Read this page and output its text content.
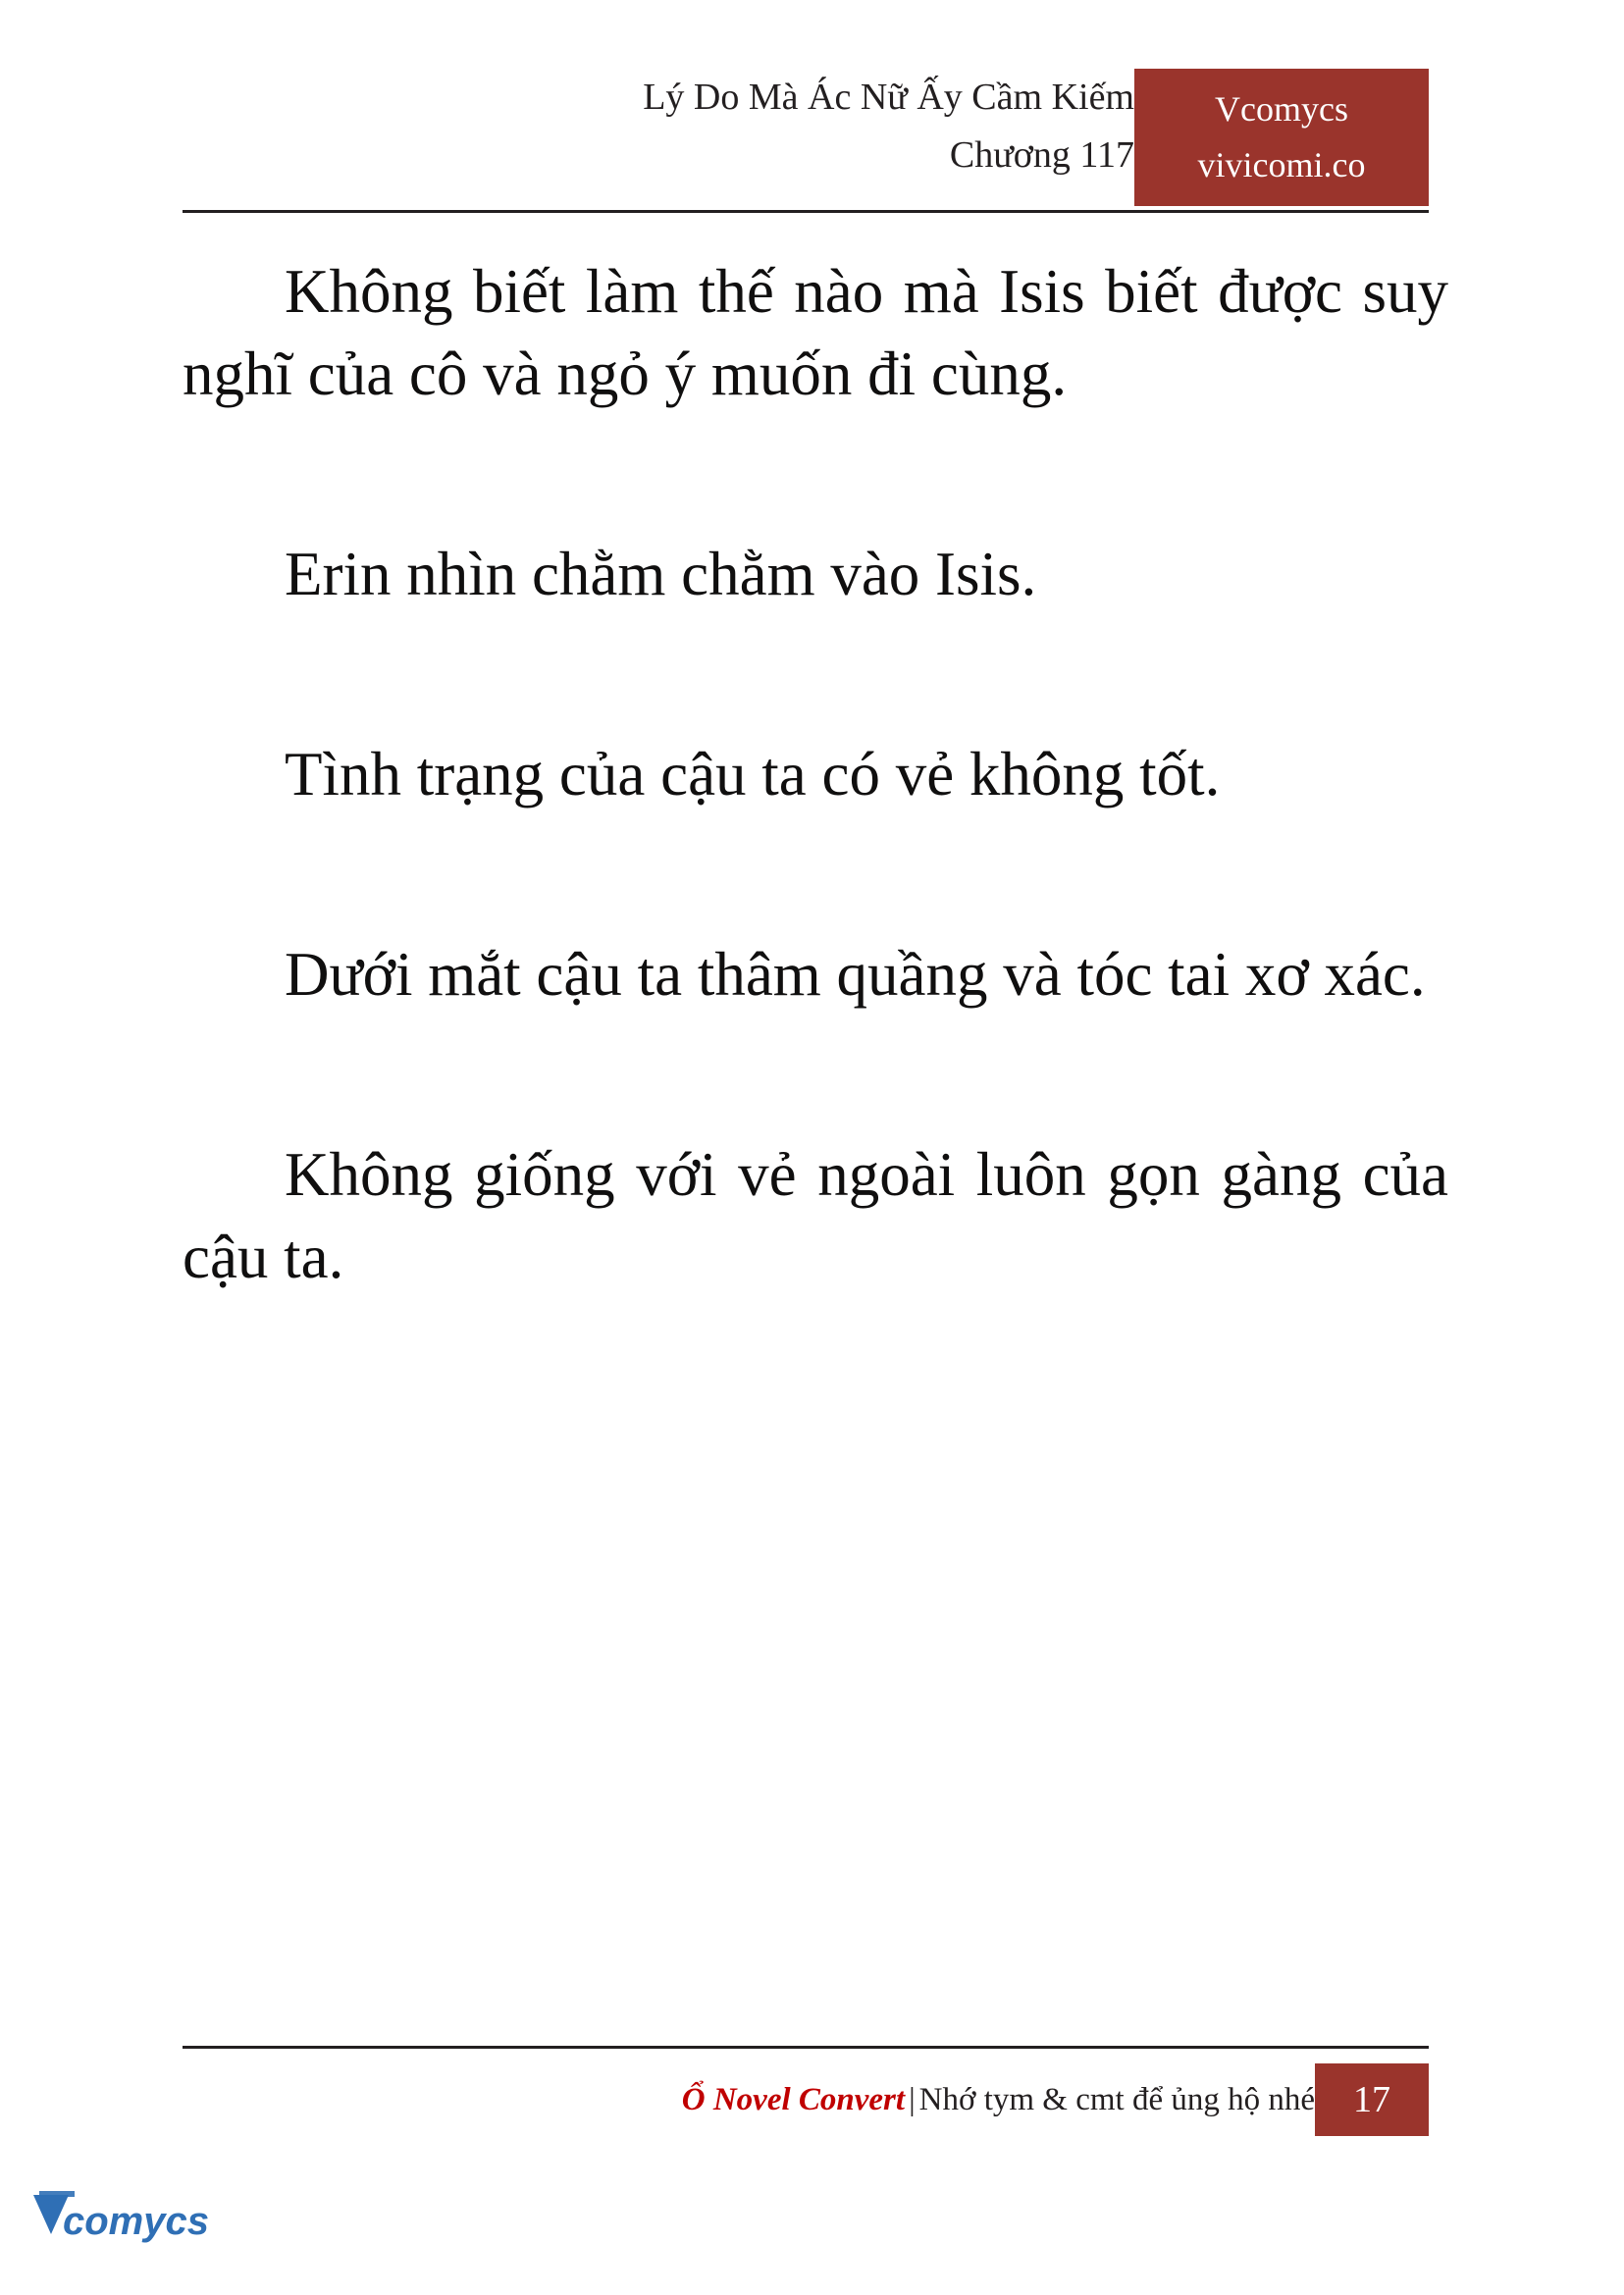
Lý Do Mà Ác Nữ Ấy Cầm Kiếm
Chương 117
Vcomycs
vivicomi.co

Không biết làm thế nào mà Isis biết được suy nghĩ của cô và ngỏ ý muốn đi cùng.

Erin nhìn chằm chằm vào Isis.

Tình trạng của cậu ta có vẻ không tốt.

Dưới mắt cậu ta thâm quầng và tóc tai xơ xác.

Không giống với vẻ ngoài luôn gọn gàng của cậu ta.

Ổ Novel Convert | Nhớ tym & cmt để ủng hộ nhé	17
comycs
